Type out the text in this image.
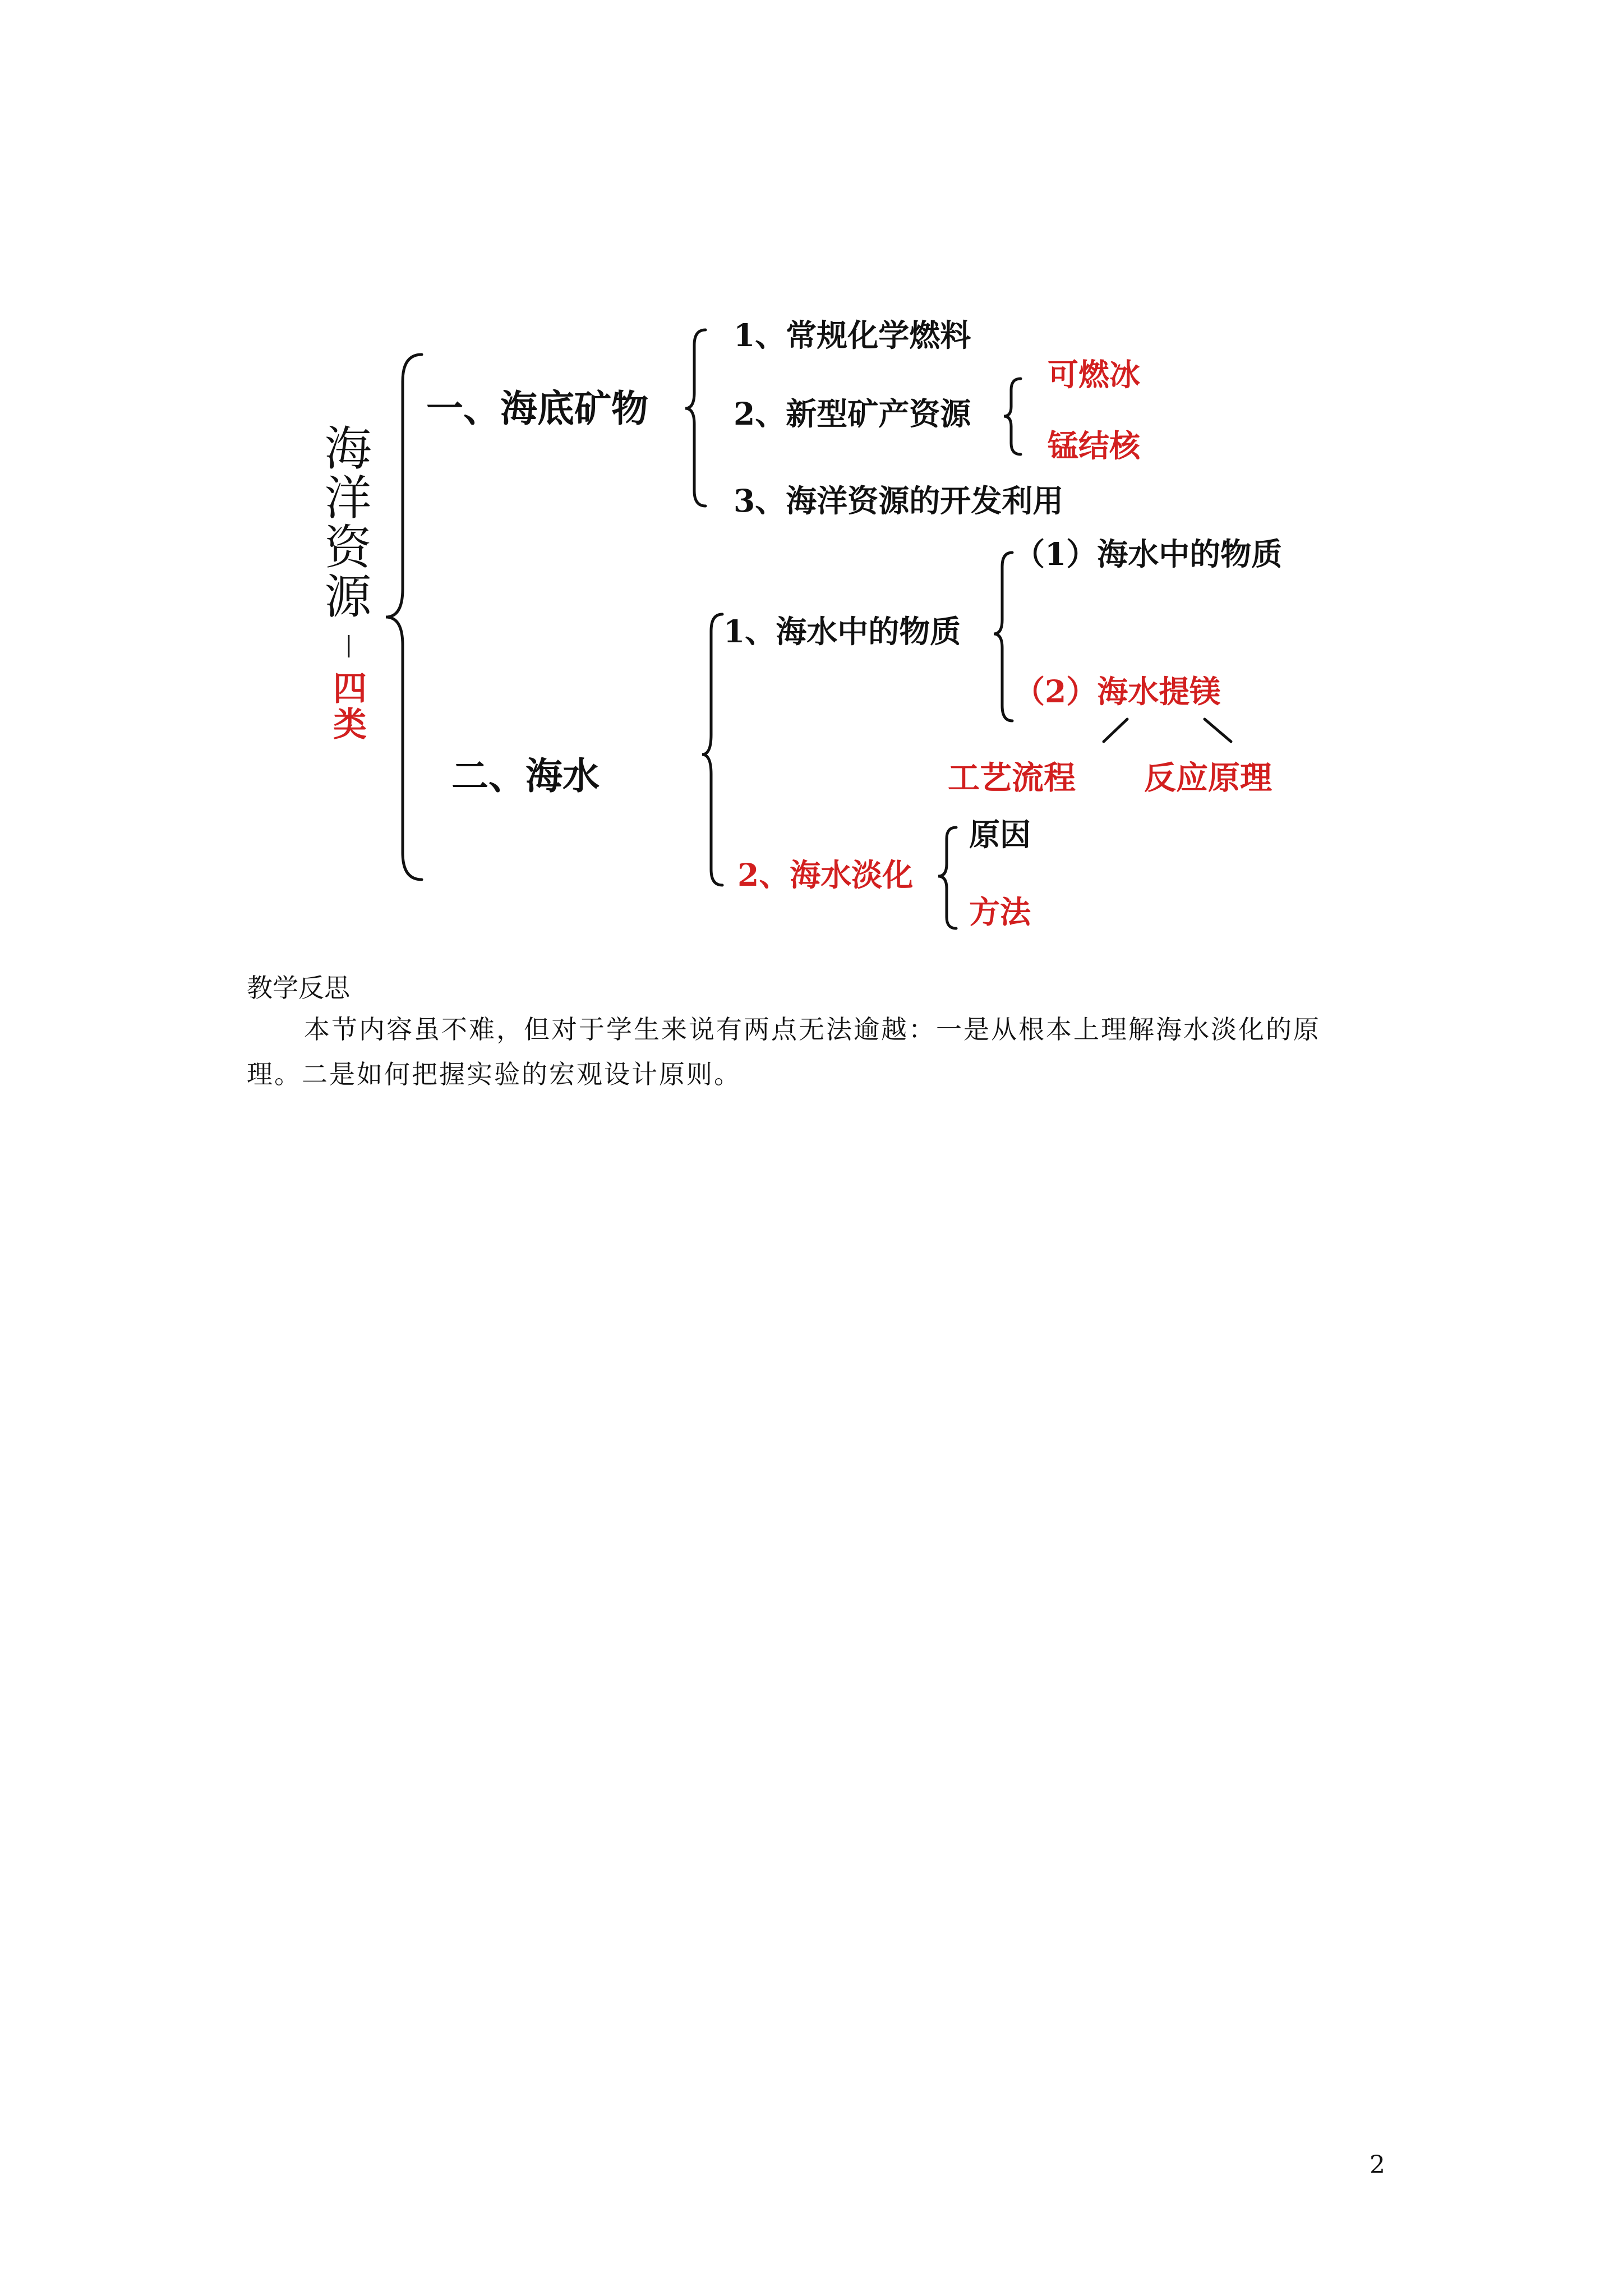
海洋资源
—
四类
一、海底矿物
1、常规化学燃料
2、新型矿产资源
3、海洋资源的开发利用
可燃冰
锰结核
二、海水
1、海水中的物质
（1）海水中的物质
（2）海水提镁
工艺流程 反应原理
2、海水淡化
原因
方法
教学反思
本节内容虽不难，但对于学生来说有两点无法逾越：一是从根本上理解海水淡化的原
理。二是如何把握实验的宏观设计原则。
2
